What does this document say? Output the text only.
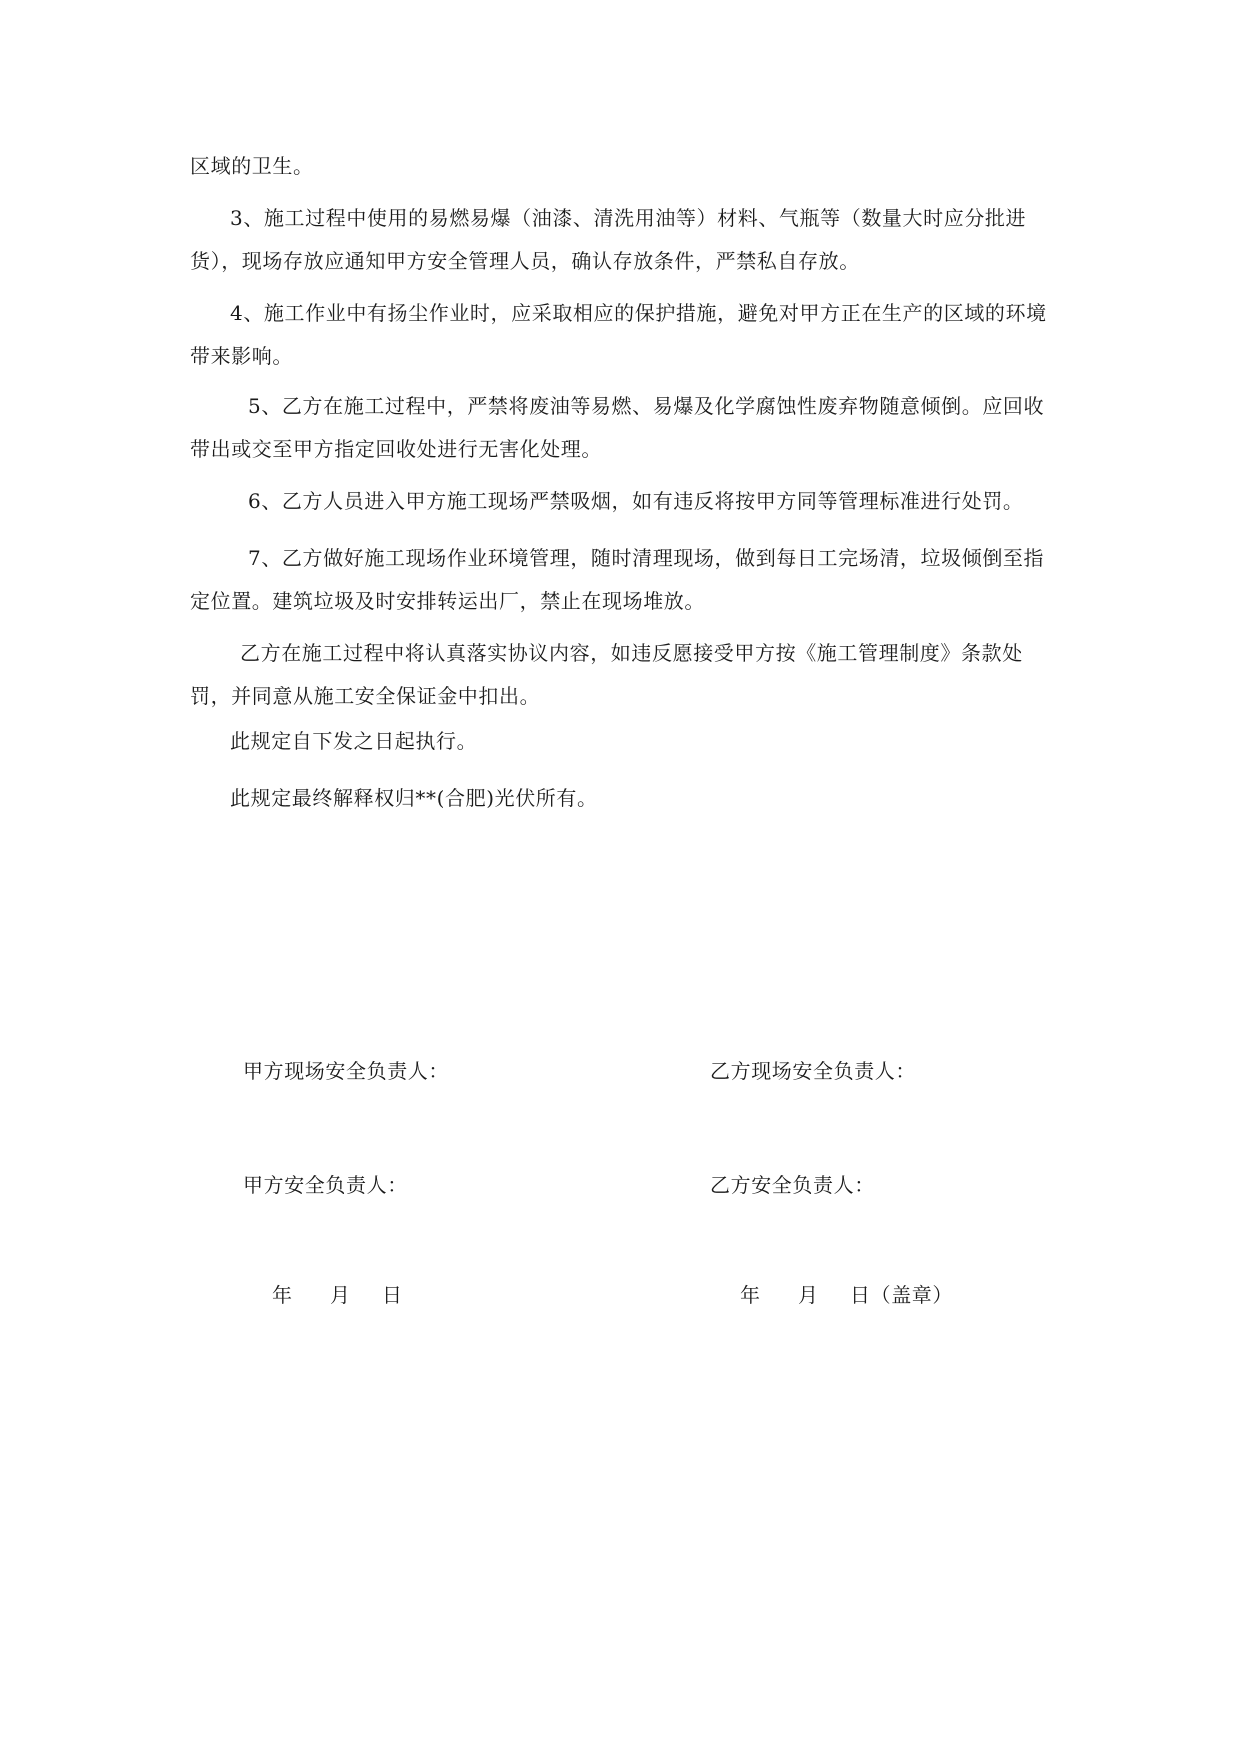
区域的卫生。

3、施工过程中使用的易燃易爆（油漆、清洗用油等）材料、气瓶等（数量大时应分批进货），现场存放应通知甲方安全管理人员，确认存放条件，严禁私自存放。

4、施工作业中有扬尘作业时，应采取相应的保护措施，避免对甲方正在生产的区域的环境带来影响。

5、乙方在施工过程中，严禁将废油等易燃、易爆及化学腐蚀性废弃物随意倾倒。应回收带出或交至甲方指定回收处进行无害化处理。

6、乙方人员进入甲方施工现场严禁吸烟，如有违反将按甲方同等管理标准进行处罚。

7、乙方做好施工现场作业环境管理，随时清理现场，做到每日工完场清，垃圾倾倒至指定位置。建筑垃圾及时安排转运出厂，禁止在现场堆放。

乙方在施工过程中将认真落实协议内容，如违反愿接受甲方按《施工管理制度》条款处罚，并同意从施工安全保证金中扣出。

此规定自下发之日起执行。

此规定最终解释权归**(合肥)光伏所有。

甲方现场安全负责人：	乙方现场安全负责人：
甲方安全负责人：	乙方安全负责人：
年 月 日	年 月 日（盖章）
